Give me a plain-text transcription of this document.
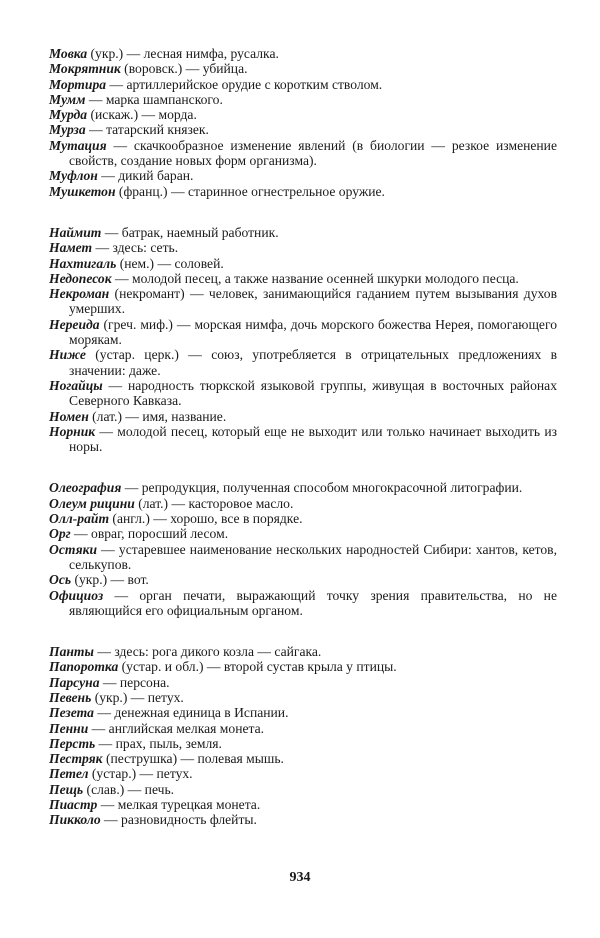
Мовка (укр.) — лесная нимфа, русалка.
Мокрятник (воровск.) — убийца.
Мортира — артиллерийское орудие с коротким стволом.
Мумм — марка шампанского.
Мурда (искаж.) — морда.
Мурза — татарский князек.
Мутация — скачкообразное изменение явлений (в биологии — резкое изменение свойств, создание новых форм организма).
Муфлон — дикий баран.
Мушкетон (франц.) — старинное огнестрельное оружие.
Наймит — батрак, наемный работник.
Намет — здесь: сеть.
Нахтигаль (нем.) — соловей.
Недопесок — молодой песец, а также название осенней шкурки молодого песца.
Некроман (некромант) — человек, занимающийся гаданием путем вызывания духов умерших.
Нереида (греч. миф.) — морская нимфа, дочь морского божества Нерея, помогающего морякам.
Ниже́ (устар. церк.) — союз, употребляется в отрицательных предложениях в значении: даже.
Ногайцы — народность тюркской языковой группы, живущая в восточных районах Северного Кавказа.
Номен (лат.) — имя, название.
Норник — молодой песец, который еще не выходит или только начинает выходить из норы.
Олеография — репродукция, полученная способом многокрасочной литографии.
Олеум рицини (лат.) — касторовое масло.
Олл-райт (англ.) — хорошо, все в порядке.
Орг — овраг, поросший лесом.
Остяки — устаревшее наименование нескольких народностей Сибири: хантов, кетов, селькупов.
Ось (укр.) — вот.
Официоз — орган печати, выражающий точку зрения правительства, но не являющийся его официальным органом.
Панты — здесь: рога дикого козла — сайгака.
Папоротка (устар. и обл.) — второй сустав крыла у птицы.
Парсуна — персона.
Певень (укр.) — петух.
Пезета — денежная единица в Испании.
Пенни — английская мелкая монета.
Персть — прах, пыль, земля.
Пестряк (пеструшка) — полевая мышь.
Петел (устар.) — петух.
Пещь (слав.) — печь.
Пиастр — мелкая турецкая монета.
Пикколо — разновидность флейты.
934
